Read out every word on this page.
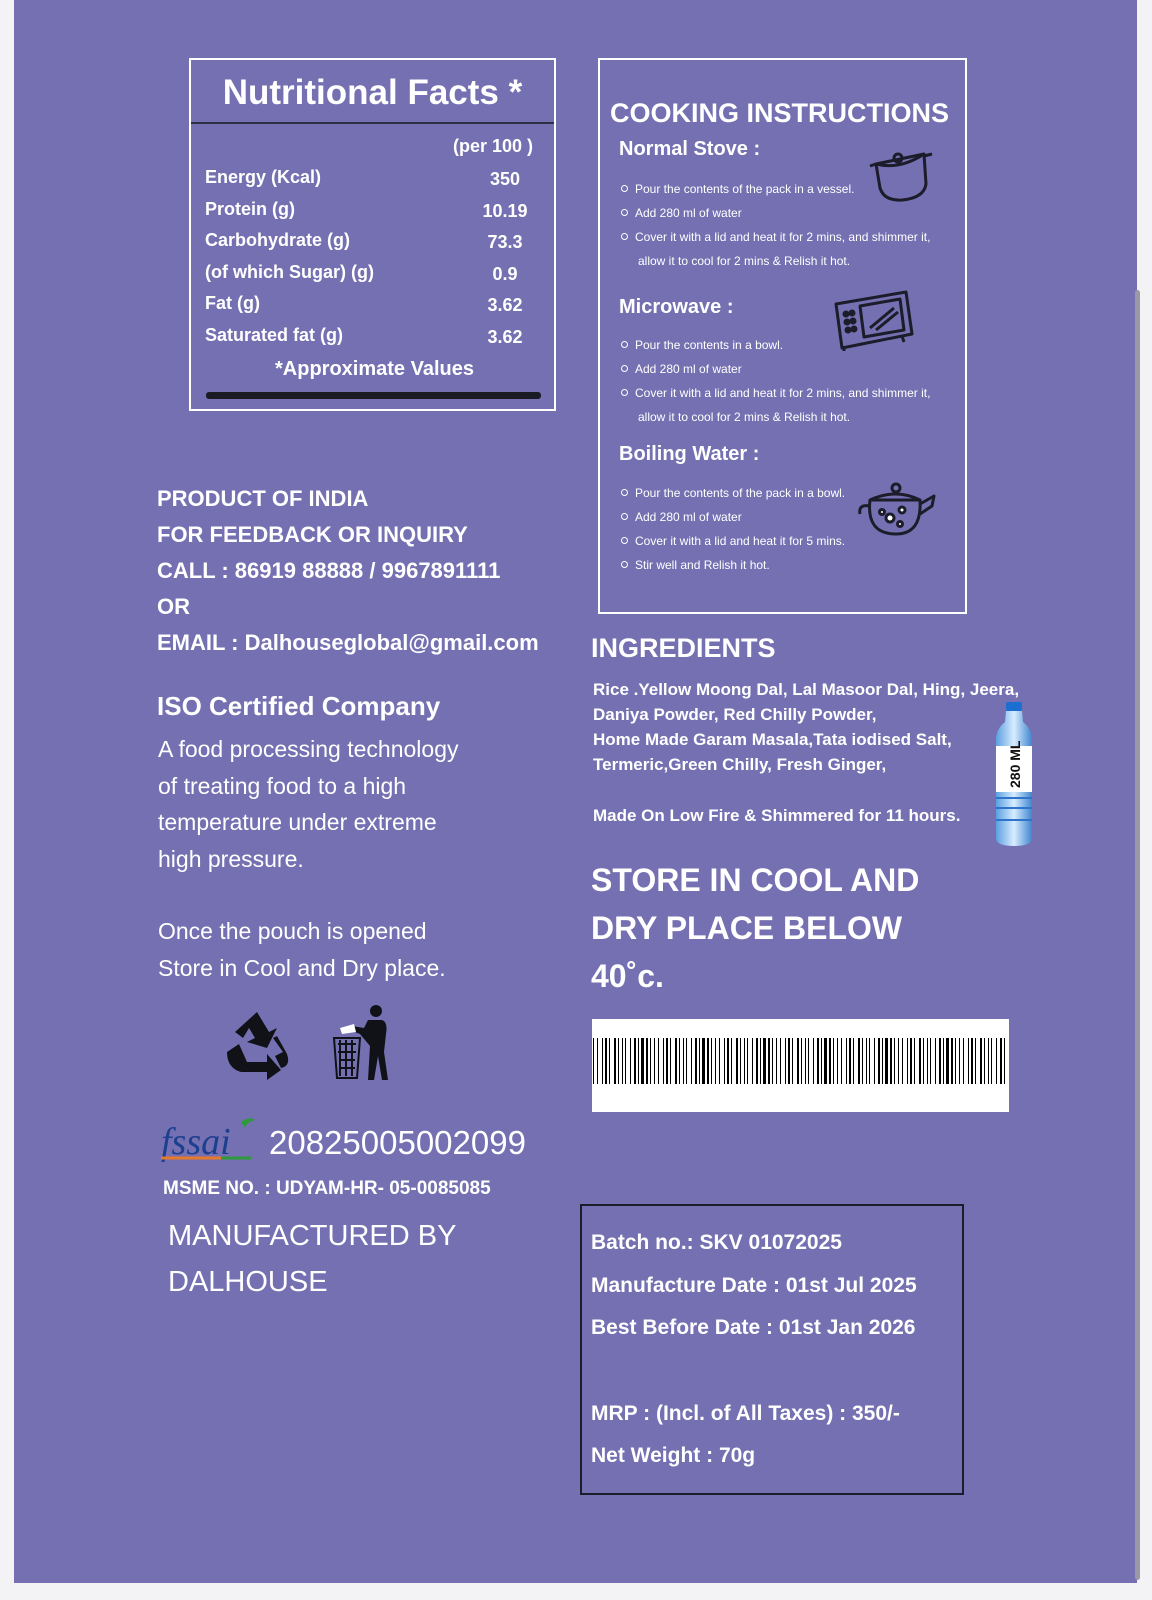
Nutritional Facts *
(per 100 )
Energy (Kcal)	350
Protein (g)	10.19
Carbohydrate (g)	73.3
(of which Sugar) (g)	0.9
Fat (g)	3.62
Saturated fat (g)	3.62
*Approximate Values
COOKING INSTRUCTIONS
Normal Stove :
Pour the contents of the pack in a vessel.
Add 280 ml of water
Cover it with a lid and heat it for 2 mins, and shimmer it,
allow it to cool for 2 mins & Relish it hot.
Microwave :
Pour the contents in a bowl.
Add 280 ml of water
Cover it with a lid and heat it for 2 mins, and shimmer it,
allow it to cool for 2 mins & Relish it hot.
Boiling Water :
Pour the contents of the pack in a bowl.
Add 280 ml of water
Cover it with a lid and heat it for 5 mins.
Stir well and Relish it hot.
PRODUCT OF INDIA
FOR FEEDBACK OR INQUIRY
CALL : 86919 88888 / 9967891111
OR
EMAIL : Dalhouseglobal@gmail.com
ISO Certified Company
A food processing technology
of treating food to a high
temperature under extreme
high pressure.
Once the pouch is opened
Store in Cool and Dry place.
fssai 20825005002099
MSME NO. : UDYAM-HR- 05-0085085
MANUFACTURED BY
DALHOUSE
INGREDIENTS
Rice .Yellow Moong Dal, Lal Masoor Dal, Hing, Jeera,
Daniya Powder, Red Chilly Powder,
Home Made Garam Masala,Tata iodised Salt,
Termeric,Green Chilly, Fresh Ginger,
Made On Low Fire & Shimmered for 11 hours.
280 ML
STORE IN COOL AND
DRY PLACE BELOW
40˚c.
Batch no.: SKV 01072025
Manufacture Date : 01st Jul 2025
Best Before Date : 01st Jan 2026
MRP : (Incl. of All Taxes) : 350/-
Net Weight : 70g
